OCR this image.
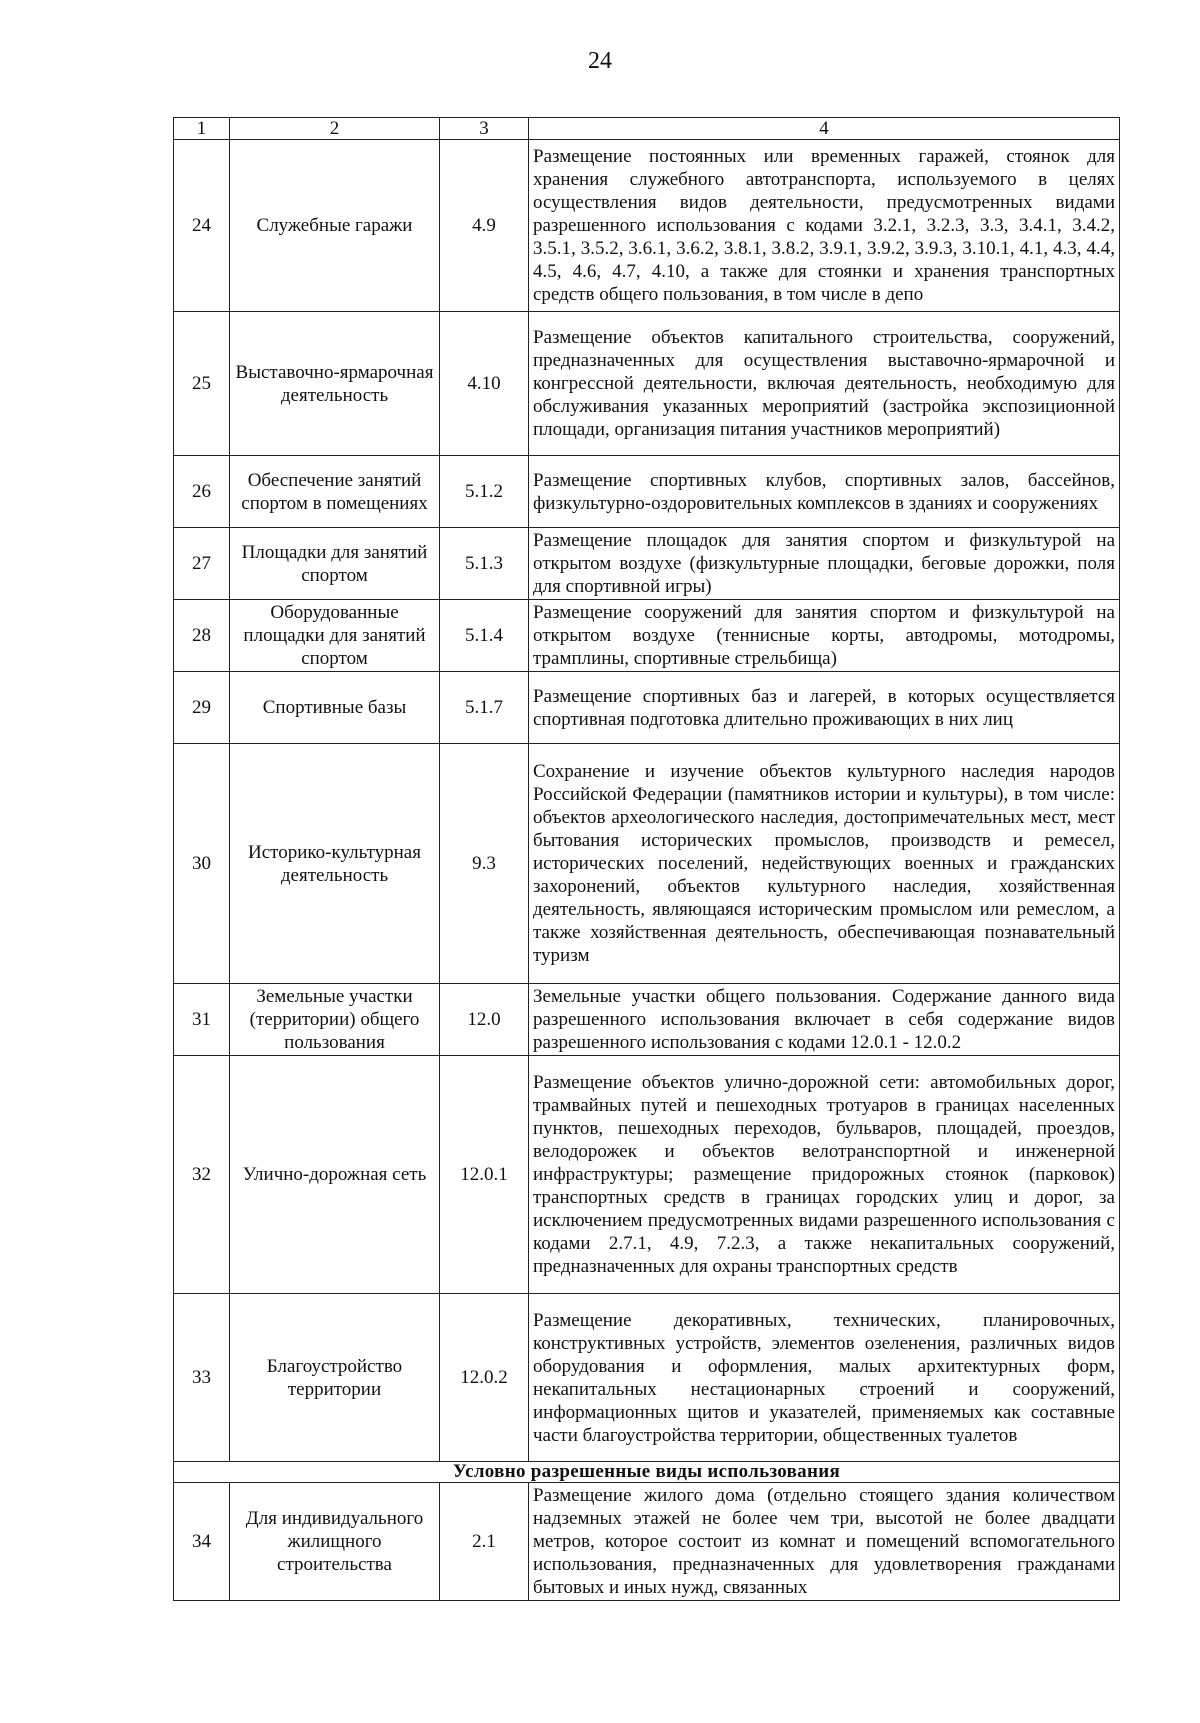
24
1	2	3	4
24	Служебные гаражи	4.9	Размещение постоянных или временных гаражей, стоянок для хранения служебного автотранспорта, используемого в целях осуществления видов деятельности, предусмотренных видами разрешенного использования с кодами 3.2.1, 3.2.3, 3.3, 3.4.1, 3.4.2, 3.5.1, 3.5.2, 3.6.1, 3.6.2, 3.8.1, 3.8.2, 3.9.1, 3.9.2, 3.9.3, 3.10.1, 4.1, 4.3, 4.4, 4.5, 4.6, 4.7, 4.10, а также для стоянки и хранения транспортных средств общего пользования, в том числе в депо
25	Выставочно-ярмарочная деятельность	4.10	Размещение объектов капитального строительства, сооружений, предназначенных для осуществления выставочно-ярмарочной и конгрессной деятельности, включая деятельность, необходимую для обслуживания указанных мероприятий (застройка экспозиционной площади, организация питания участников мероприятий)
26	Обеспечение занятий спортом в помещениях	5.1.2	Размещение спортивных клубов, спортивных залов, бассейнов, физкультурно-оздоровительных комплексов в зданиях и сооружениях
27	Площадки для занятий спортом	5.1.3	Размещение площадок для занятия спортом и физкультурой на открытом воздухе (физкультурные площадки, беговые дорожки, поля для спортивной игры)
28	Оборудованные площадки для занятий спортом	5.1.4	Размещение сооружений для занятия спортом и физкультурой на открытом воздухе (теннисные корты, автодромы, мотодромы, трамплины, спортивные стрельбища)
29	Спортивные базы	5.1.7	Размещение спортивных баз и лагерей, в которых осуществляется спортивная подготовка длительно проживающих в них лиц
30	Историко-культурная деятельность	9.3	Сохранение и изучение объектов культурного наследия народов Российской Федерации (памятников истории и культуры), в том числе: объектов археологического наследия, достопримечательных мест, мест бытования исторических промыслов, производств и ремесел, исторических поселений, недействующих военных и гражданских захоронений, объектов культурного наследия, хозяйственная деятельность, являющаяся историческим промыслом или ремеслом, а также хозяйственная деятельность, обеспечивающая познавательный туризм
31	Земельные участки (территории) общего пользования	12.0	Земельные участки общего пользования. Содержание данного вида разрешенного использования включает в себя содержание видов разрешенного использования с кодами 12.0.1 - 12.0.2
32	Улично-дорожная сеть	12.0.1	Размещение объектов улично-дорожной сети: автомобильных дорог, трамвайных путей и пешеходных тротуаров в границах населенных пунктов, пешеходных переходов, бульваров, площадей, проездов, велодорожек и объектов велотранспортной и инженерной инфраструктуры; размещение придорожных стоянок (парковок) транспортных средств в границах городских улиц и дорог, за исключением предусмотренных видами разрешенного использования с кодами 2.7.1, 4.9, 7.2.3, а также некапитальных сооружений, предназначенных для охраны транспортных средств
33	Благоустройство территории	12.0.2	Размещение декоративных, технических, планировочных, конструктивных устройств, элементов озеленения, различных видов оборудования и оформления, малых архитектурных форм, некапитальных нестационарных строений и сооружений, информационных щитов и указателей, применяемых как составные части благоустройства территории, общественных туалетов
Условно разрешенные виды использования			
34	Для индивидуального жилищного строительства	2.1	Размещение жилого дома (отдельно стоящего здания количеством надземных этажей не более чем три, высотой не более двадцати метров, которое состоит из комнат и помещений вспомогательного использования, предназначенных для удовлетворения гражданами бытовых и иных нужд, связанных
